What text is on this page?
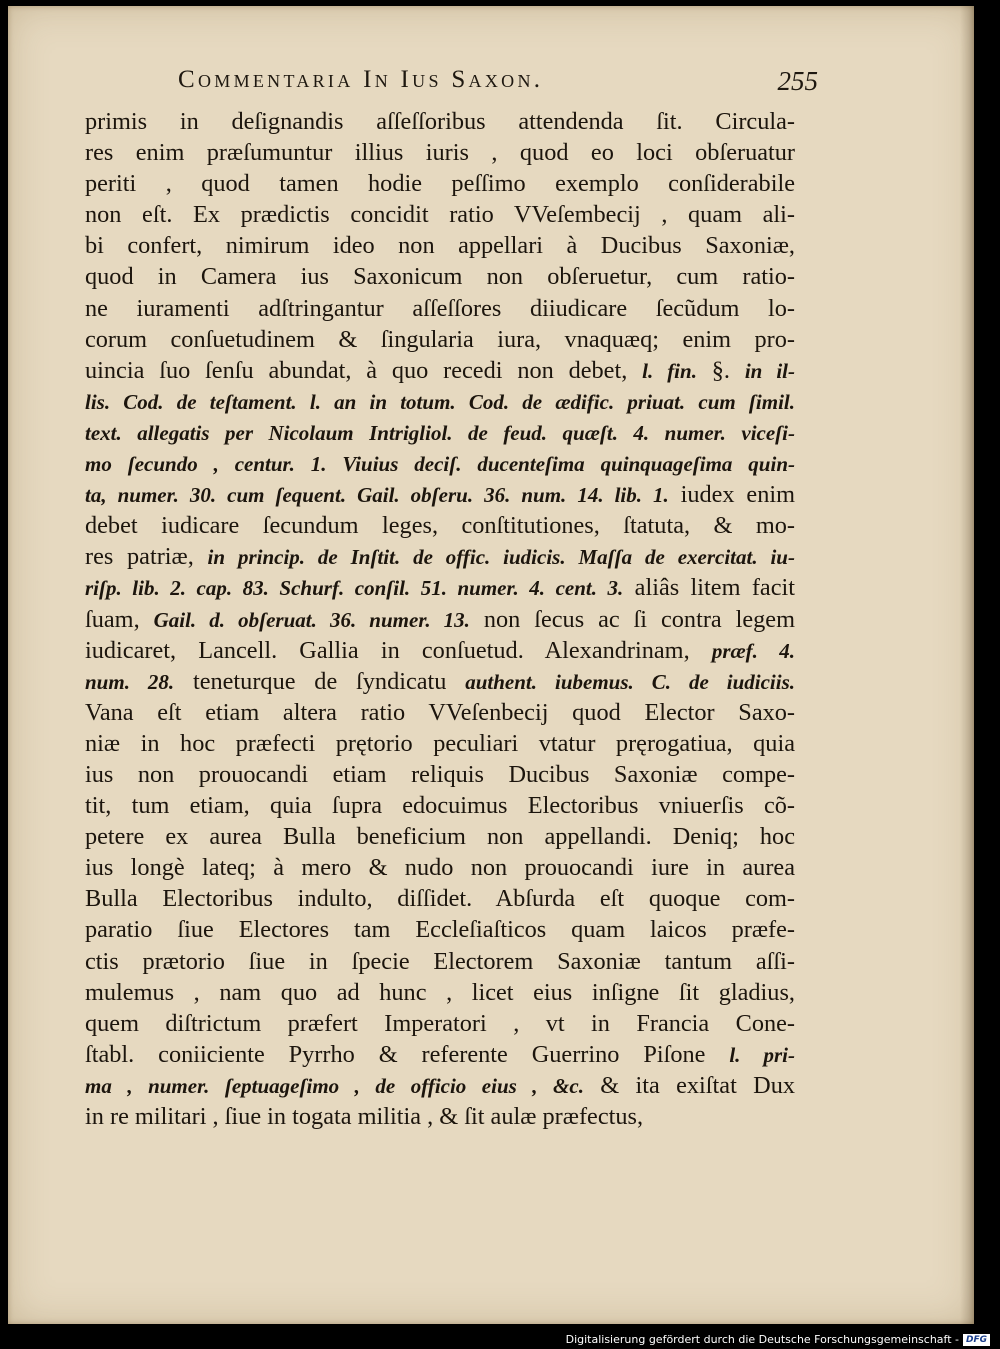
Commentaria In Ius Saxon.	255
primis in deſignandis aſſeſſoribus attendenda ſit. Circula-
res enim præſumuntur illius iuris , quod eo loci obſeruatur
periti , quod tamen hodie peſſimo exemplo conſiderabile
non eſt. Ex prædictis concidit ratio VVeſembecij , quam ali-
bi confert, nimirum ideo non appellari à Ducibus Saxoniæ,
quod in Camera ius Saxonicum non obſeruetur, cum ratio-
ne iuramenti adſtringantur aſſeſſores diiudicare ſecũdum lo-
corum conſuetudinem & ſingularia iura, vnaquæq; enim pro-
uincia ſuo ſenſu abundat, à quo recedi non debet, l. fin. §. in il-
lis. Cod. de teſtament. l. an in totum. Cod. de ædific. priuat. cum ſimil.
text. allegatis per Nicolaum Intrigliol. de feud. quæſt. 4. numer. viceſi-
mo ſecundo , centur. 1. Viuius deciſ. ducenteſima quinquageſima quin-
ta, numer. 30. cum ſequent. Gail. obſeru. 36. num. 14. lib. 1. iudex enim
debet iudicare ſecundum leges, conſtitutiones, ſtatuta, & mo-
res patriæ, in princip. de Inſtit. de offic. iudicis. Maſſa de exercitat. iu-
riſp. lib. 2. cap. 83. Schurf. conſil. 51. numer. 4. cent. 3. aliâs litem facit
ſuam, Gail. d. obſeruat. 36. numer. 13. non ſecus ac ſi contra legem
iudicaret, Lancell. Gallia in conſuetud. Alexandrinam, præf. 4.
num. 28. teneturque de ſyndicatu authent. iubemus. C. de iudiciis.
Vana eſt etiam altera ratio VVeſenbecij quod Elector Saxo-
niæ in hoc præfecti prętorio peculiari vtatur pręrogatiua, quia
ius non prouocandi etiam reliquis Ducibus Saxoniæ compe-
tit, tum etiam, quia ſupra edocuimus Electoribus vniuerſis cõ-
petere ex aurea Bulla beneficium non appellandi. Deniq; hoc
ius longè lateq; à mero & nudo non prouocandi iure in aurea
Bulla Electoribus indulto, diſſidet. Abſurda eſt quoque com-
paratio ſiue Electores tam Eccleſiaſticos quam laicos præfe-
ctis prætorio ſiue in ſpecie Electorem Saxoniæ tantum aſſi-
mulemus , nam quo ad hunc , licet eius inſigne ſit gladius,
quem diſtrictum præfert Imperatori , vt in Francia Cone-
ſtabl. coniiciente Pyrrho & referente Guerrino Piſone l. pri-
ma , numer. ſeptuageſimo , de officio eius , &c. & ita exiſtat Dux
in re militari , ſiue in togata militia , & ſit aulæ præfectus,
Digitalisierung gefördert durch die Deutsche Forschungsgemeinschaft - DFG
